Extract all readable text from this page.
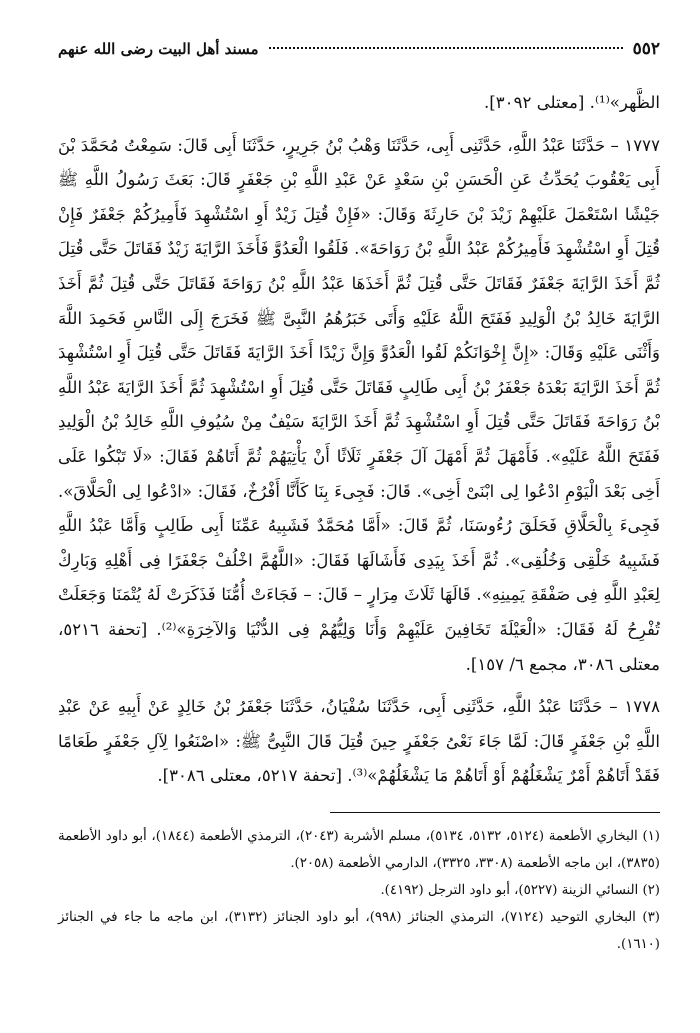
٥٥٢
مسند أهل البيت رضى الله عنهم

الظَّهر»⁽¹⁾. [معتلى ٣٠٩٢].

١٧٧٧ – حَدَّثَنَا عَبْدُ اللَّهِ، حَدَّثَنِى أَبِى، حَدَّثَنَا وَهْبُ بْنُ جَرِيرٍ، حَدَّثَنَا أَبِى قَالَ: سَمِعْتُ مُحَمَّدَ بْنَ أَبِى يَعْقُوبَ يُحَدِّثُ عَنِ الْحَسَنِ بْنِ سَعْدٍ عَنْ عَبْدِ اللَّهِ بْنِ جَعْفَرٍ قَالَ: بَعَثَ رَسُولُ اللَّهِ ﷺ جَيْشًا اسْتَعْمَلَ عَلَيْهِمْ زَيْدَ بْنَ حَارِثَةَ وَقَالَ: «فَإِنْ قُتِلَ زَيْدٌ أَوِ اسْتُشْهِدَ فَأَمِيرُكُمْ جَعْفَرٌ فَإِنْ قُتِلَ أَوِ اسْتُشْهِدَ فَأَمِيرُكُمْ عَبْدُ اللَّهِ بْنُ رَوَاحَةَ». فَلَقُوا الْعَدُوَّ فَأَخَذَ الرَّايَةَ زَيْدٌ فَقَاتَلَ حَتَّى قُتِلَ ثُمَّ أَخَذَ الرَّايَةَ جَعْفَرٌ فَقَاتَلَ حَتَّى قُتِلَ ثُمَّ أَخَذَهَا عَبْدُ اللَّهِ بْنُ رَوَاحَةَ فَقَاتَلَ حَتَّى قُتِلَ ثُمَّ أَخَذَ الرَّايَةَ خَالِدُ بْنُ الْوَلِيدِ فَفَتَحَ اللَّهُ عَلَيْهِ وَأَتَى خَبَرُهُمُ النَّبِىَّ ﷺ فَخَرَجَ إِلَى النَّاسِ فَحَمِدَ اللَّهَ وَأَثْنَى عَلَيْهِ وَقَالَ: «إِنَّ إِخْوَانَكُمْ لَقُوا الْعَدُوَّ وَإِنَّ زَيْدًا أَخَذَ الرَّايَةَ فَقَاتَلَ حَتَّى قُتِلَ أَوِ اسْتُشْهِدَ ثُمَّ أَخَذَ الرَّايَةَ بَعْدَهُ جَعْفَرُ بْنُ أَبِى طَالِبٍ فَقَاتَلَ حَتَّى قُتِلَ أَوِ اسْتُشْهِدَ ثُمَّ أَخَذَ الرَّايَةَ عَبْدُ اللَّهِ بْنُ رَوَاحَةَ فَقَاتَلَ حَتَّى قُتِلَ أَوِ اسْتُشْهِدَ ثُمَّ أَخَذَ الرَّايَةَ سَيْفٌ مِنْ سُيُوفِ اللَّهِ خَالِدُ بْنُ الْوَلِيدِ فَفَتَحَ اللَّهُ عَلَيْهِ». فَأَمْهَلَ ثُمَّ أَمْهَلَ آلَ جَعْفَرٍ ثَلَاثًا أَنْ يَأْتِيَهُمْ ثُمَّ أَتَاهُمْ فَقَالَ: «لَا تَبْكُوا عَلَى أَخِى بَعْدَ الْيَوْمِ ادْعُوا لِى ابْنَىْ أَخِى». قَالَ: فَجِىءَ بِنَا كَأَنَّا أَفْرُخٌ، فَقَالَ: «ادْعُوا لِى الْحَلَّاقَ». فَجِىءَ بِالْحَلَّاقِ فَحَلَقَ رُءُوسَنَا، ثُمَّ قَالَ: «أَمَّا مُحَمَّدٌ فَشَبِيهُ عَمِّنَا أَبِى طَالِبٍ وَأَمَّا عَبْدُ اللَّهِ فَشَبِيهُ خَلْقِى وَخُلُقِى». ثُمَّ أَخَذَ بِيَدِى فَأَشَالَهَا فَقَالَ: «اللَّهُمَّ اخْلُفْ جَعْفَرًا فِى أَهْلِهِ وَبَارِكْ لِعَبْدِ اللَّهِ فِى صَفْقَةِ يَمِينِهِ». قَالَهَا ثَلَاثَ مِرَارٍ – قَالَ: – فَجَاءَتْ أُمُّنَا فَذَكَرَتْ لَهُ يُتْمَنَا وَجَعَلَتْ تُفْرِحُ لَهُ فَقَالَ: «الْعَيْلَةَ تَخَافِينَ عَلَيْهِمْ وَأَنَا وَلِيُّهُمْ فِى الدُّنْيَا وَالآخِرَةِ»⁽²⁾. [تحفة ٥٢١٦، معتلى ٣٠٨٦، مجمع ٦/ ١٥٧].

١٧٧٨ – حَدَّثَنَا عَبْدُ اللَّهِ، حَدَّثَنِى أَبِى، حَدَّثَنَا سُفْيَانُ، حَدَّثَنَا جَعْفَرُ بْنُ خَالِدٍ عَنْ أَبِيهِ عَنْ عَبْدِ اللَّهِ بْنِ جَعْفَرٍ قَالَ: لَمَّا جَاءَ نَعْىُ جَعْفَرٍ حِينَ قُتِلَ قَالَ النَّبِىُّ ﷺ: «اصْنَعُوا لِآلِ جَعْفَرٍ طَعَامًا فَقَدْ أَتَاهُمْ أَمْرٌ يَشْغَلُهُمْ أَوْ أَتَاهُمْ مَا يَشْغَلُهُمْ»⁽³⁾. [تحفة ٥٢١٧، معتلى ٣٠٨٦].

(١) البخاري الأطعمة (٥١٢٤، ٥١٣٢، ٥١٣٤)، مسلم الأشربة (٢٠٤٣)، الترمذي الأطعمة (١٨٤٤)، أبو داود الأطعمة (٣٨٣٥)، ابن ماجه الأطعمة (٣٣٠٨، ٣٣٢٥)، الدارمي الأطعمة (٢٠٥٨).

(٢) النسائي الزينة (٥٢٢٧)، أبو داود الترجل (٤١٩٢).

(٣) البخاري التوحيد (٧١٢٤)، الترمذي الجنائز (٩٩٨)، أبو داود الجنائز (٣١٣٢)، ابن ماجه ما جاء في الجنائز (١٦١٠).
